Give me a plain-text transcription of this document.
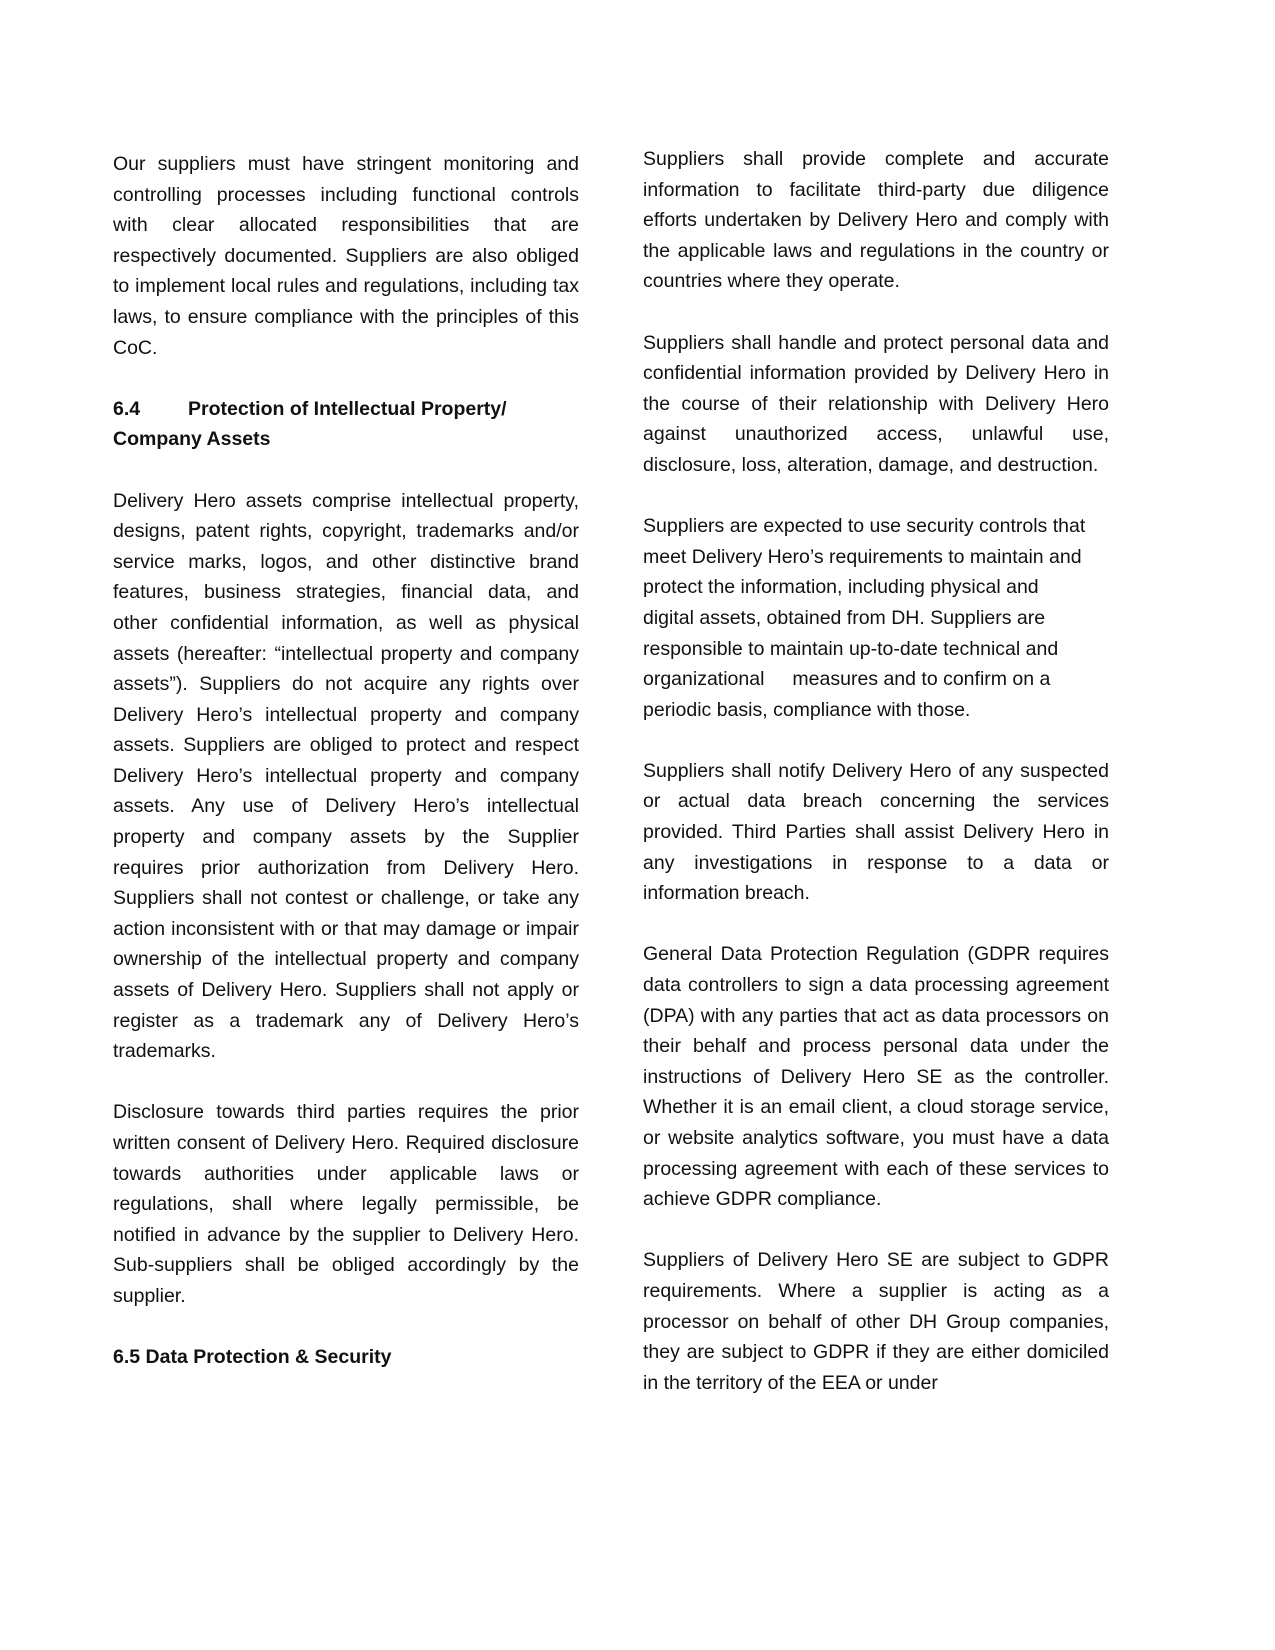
Our suppliers must have stringent monitoring and controlling processes including functional controls with clear allocated responsibilities that are respectively documented. Suppliers are also obliged to implement local rules and regulations, including tax laws, to ensure compliance with the principles of this CoC.

6.4 Protection of Intellectual Property/
Company Assets

Delivery Hero assets comprise intellectual property, designs, patent rights, copyright, trademarks and/or service marks, logos, and other distinctive brand features, business strategies, financial data, and other confidential information, as well as physical assets (hereafter: “intellectual property and company assets”). Suppliers do not acquire any rights over Delivery Hero’s intellectual property and company assets. Suppliers are obliged to protect and respect Delivery Hero’s intellectual property and company assets. Any use of Delivery Hero’s intellectual property and company assets by the Supplier requires prior authorization from Delivery Hero. Suppliers shall not contest or challenge, or take any action inconsistent with or that may damage or impair ownership of the intellectual property and company assets of Delivery Hero. Suppliers shall not apply or register as a trademark any of Delivery Hero’s trademarks.

Disclosure towards third parties requires the prior written consent of Delivery Hero. Required disclosure towards authorities under applicable laws or regulations, shall where legally permissible, be notified in advance by the supplier to Delivery Hero. Sub-suppliers shall be obliged accordingly by the supplier.

6.5 Data Protection & Security

Suppliers shall provide complete and accurate information to facilitate third-party due diligence efforts undertaken by Delivery Hero and comply with the applicable laws and regulations in the country or countries where they operate.

Suppliers shall handle and protect personal data and confidential information provided by Delivery Hero in the course of their relationship with Delivery Hero against unauthorized access, unlawful use, disclosure, loss, alteration, damage, and destruction.

Suppliers are expected to use security controls that
meet Delivery Hero’s requirements to maintain and
protect the information, including physical and
digital assets, obtained from DH. Suppliers are
responsible to maintain up-to-date technical and
organizational measures and to confirm on a
periodic basis, compliance with those.

Suppliers shall notify Delivery Hero of any suspected or actual data breach concerning the services provided. Third Parties shall assist Delivery Hero in any investigations in response to a data or information breach.

General Data Protection Regulation (GDPR requires data controllers to sign a data processing agreement (DPA) with any parties that act as data processors on their behalf and process personal data under the instructions of Delivery Hero SE as the controller. Whether it is an email client, a cloud storage service, or website analytics software, you must have a data processing agreement with each of these services to achieve GDPR compliance.

Suppliers of Delivery Hero SE are subject to GDPR requirements. Where a supplier is acting as a processor on behalf of other DH Group companies, they are subject to GDPR if they are either domiciled in the territory of the EEA or under
